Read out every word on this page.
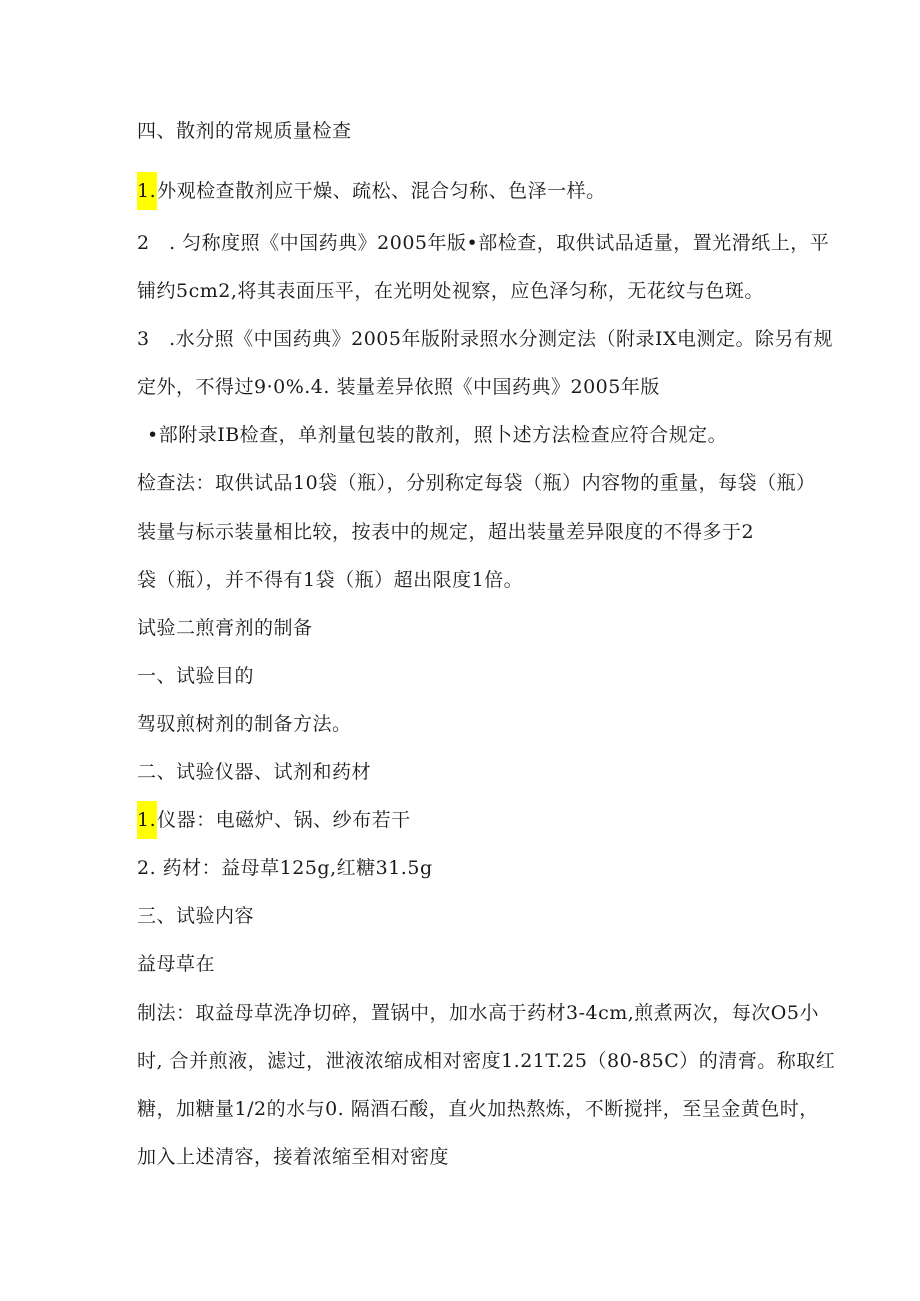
四、散剂的常规质量检查
1.外观检查散剂应干燥、疏松、混合匀称、色泽一样。
2　. 匀称度照《中国药典》2005年版•部检查，取供试品适量，置光滑纸上，平
铺约5cm2,将其表面压平，在光明处视察，应色泽匀称，无花纹与色斑。
3　.水分照《中国药典》2005年版附录照水分测定法（附录IX电测定。除另有规
定外，不得过9·0%.4. 装量差异依照《中国药典》2005年版
•部附录IB检查，单剂量包装的散剂，照卜述方法检查应符合规定。
检查法：取供试品10袋（瓶），分别称定每袋（瓶）内容物的重量，每袋（瓶）
装量与标示装量相比较，按表中的规定，超出装量差异限度的不得多于2
袋（瓶），并不得有1袋（瓶）超出限度1倍。
试验二煎膏剂的制备
一、试验目的
驾驭煎树剂的制备方法。
二、试验仪器、试剂和药材
1.仪器：电磁炉、锅、纱布若干
2. 药材：益母草125g,红糖31.5g
三、试验内容
益母草在
制法：取益母草洗净切碎，置锅中，加水高于药材3-4cm,煎煮两次，每次O5小
时, 合并煎液，滤过，泄液浓缩成相对密度1.21T.25（80-85C）的清膏。称取红
糖，加糖量1/2的水与0. 隔酒石酸，直火加热熬炼，不断搅拌，至呈金黄色时，
加入上述清容，接着浓缩至相对密度
